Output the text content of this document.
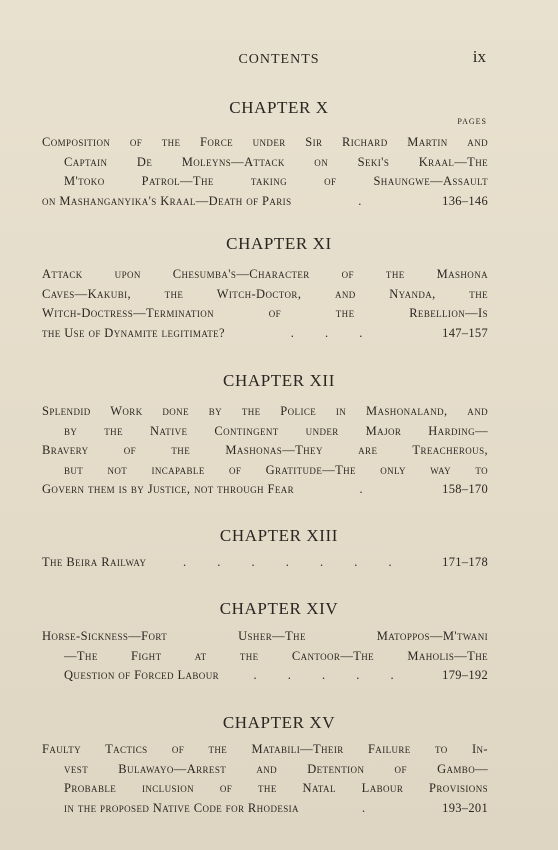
CONTENTS	ix
CHAPTER X
PAGES
Composition of the Force under Sir Richard Martin and
Captain De Moleyns—Attack on Seki's Kraal—The
M'toko Patrol—The taking of Shaungwe—Assault
on Mashanganyika's Kraal—Death of Paris	.	136–146
CHAPTER XI
Attack upon Chesumba's—Character of the Mashona
Caves—Kakubi, the Witch-Doctor, and Nyanda, the
Witch-Doctress—Termination of the Rebellion—Is
the Use of Dynamite legitimate?	. . .	147–157
CHAPTER XII
Splendid Work done by the Police in Mashonaland, and
by the Native Contingent under Major Harding—
Bravery of the Mashonas—They are Treacherous,
but not incapable of Gratitude—The only way to
Govern them is by Justice, not through Fear	.	158–170
CHAPTER XIII
The Beira Railway	. . . . . . .	171–178
CHAPTER XIV
Horse-Sickness—Fort Usher—The Matoppos—M'twani
—The Fight at the Cantoor—The Maholis—The
Question of Forced Labour	. . . . .	179–192
CHAPTER XV
Faulty Tactics of the Matabili—Their Failure to In-
vest Bulawayo—Arrest and Detention of Gambo—
Probable inclusion of the Natal Labour Provisions
in the proposed Native Code for Rhodesia	.	193–201
